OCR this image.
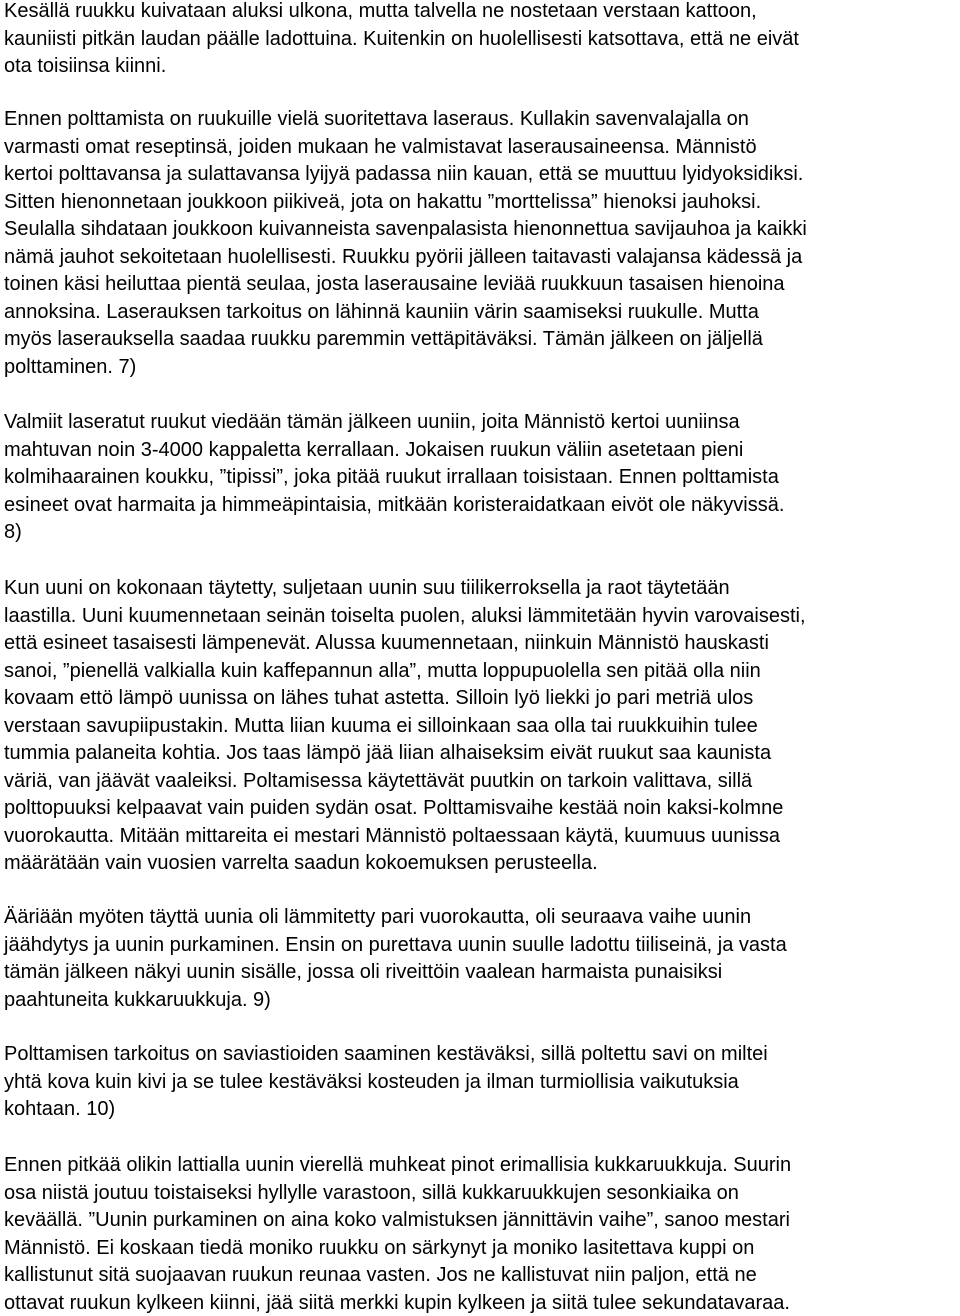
Kesällä ruukku kuivataan aluksi ulkona, mutta talvella ne nostetaan verstaan kattoon,
kauniisti pitkän laudan päälle ladottuina. Kuitenkin on huolellisesti katsottava, että ne eivät
ota toisiinsa kiinni.
Ennen polttamista on ruukuille vielä suoritettava laseraus. Kullakin savenvalajalla on
varmasti omat reseptinsä, joiden mukaan he valmistavat laserausaineensa. Männistö
kertoi polttavansa ja sulattavansa lyijyä padassa niin kauan, että se muuttuu lyidyoksidiksi.
Sitten hienonnetaan joukkoon piikiveä, jota on hakattu ”morttelissa” hienoksi jauhoksi.
Seulalla sihdataan joukkoon kuivanneista savenpalasista hienonnettua savijauhoa ja kaikki
nämä jauhot sekoitetaan huolellisesti. Ruukku pyörii jälleen taitavasti valajansa kädessä ja
toinen käsi heiluttaa pientä seulaa, josta laserausaine leviää ruukkuun tasaisen hienoina
annoksina. Laserauksen tarkoitus on lähinnä kauniin värin saamiseksi ruukulle. Mutta
myös laserauksella saadaa ruukku paremmin vettäpitäväksi. Tämän jälkeen on jäljellä
polttaminen. 7)
Valmiit laseratut ruukut viedään tämän jälkeen uuniin, joita Männistö kertoi uuniinsa
mahtuvan noin 3-4000 kappaletta kerrallaan. Jokaisen ruukun väliin asetetaan pieni
kolmihaarainen koukku, ”tipissi”, joka pitää ruukut irrallaan toisistaan. Ennen polttamista
esineet ovat harmaita ja himmeäpintaisia, mitkään koristeraidatkaan eivöt ole näkyvissä.
8)
Kun uuni on kokonaan täytetty, suljetaan uunin suu tiilikerroksella ja raot täytetään
laastilla. Uuni kuumennetaan seinän toiselta puolen, aluksi lämmitetään hyvin varovaisesti,
että esineet tasaisesti lämpenevät. Alussa kuumennetaan, niinkuin Männistö hauskasti
sanoi, ”pienellä valkialla kuin kaffepannun alla”, mutta loppupuolella sen pitää olla niin
kovaam ettö lämpö uunissa on lähes tuhat astetta. Silloin lyö liekki jo pari metriä ulos
verstaan savupiipustakin. Mutta liian kuuma ei silloinkaan saa olla tai ruukkuihin tulee
tummia palaneita kohtia. Jos taas lämpö jää liian alhaiseksim eivät ruukut saa kaunista
väriä, van jäävät vaaleiksi. Poltamisessa käytettävät puutkin on tarkoin valittava, sillä
polttopuuksi kelpaavat vain puiden sydän osat. Polttamisvaihe kestää noin kaksi-kolmne
vuorokautta. Mitään mittareita ei mestari Männistö poltaessaan käytä, kuumuus uunissa
määrätään vain vuosien varrelta saadun kokoemuksen perusteella.
Ääriään myöten täyttä uunia oli lämmitetty pari vuorokautta, oli seuraava vaihe uunin
jäähdytys ja uunin purkaminen. Ensin on purettava uunin suulle ladottu tiiliseinä, ja vasta
tämän jälkeen näkyi uunin sisälle, jossa oli riveittöin vaalean harmaista punaisiksi
paahtuneita kukkaruukkuja. 9)
Polttamisen tarkoitus on saviastioiden saaminen kestäväksi, sillä poltettu savi on miltei
yhtä kova kuin kivi ja se tulee kestäväksi kosteuden ja ilman turmiollisia vaikutuksia
kohtaan. 10)
Ennen pitkää olikin lattialla uunin vierellä muhkeat pinot erimallisia kukkaruukkuja. Suurin
osa niistä joutuu toistaiseksi hyllylle varastoon, sillä kukkaruukkujen sesonkiaika on
keväällä. ”Uunin purkaminen on aina koko valmistuksen jännittävin vaihe”, sanoo mestari
Männistö. Ei koskaan tiedä moniko ruukku on särkynyt ja moniko lasitettava kuppi on
kallistunut sitä suojaavan ruukun reunaa vasten. Jos ne kallistuvat niin paljon, että ne
ottavat ruukun kylkeen kiinni, jää siitä merkki kupin kylkeen ja siitä tulee sekundatavaraa.
